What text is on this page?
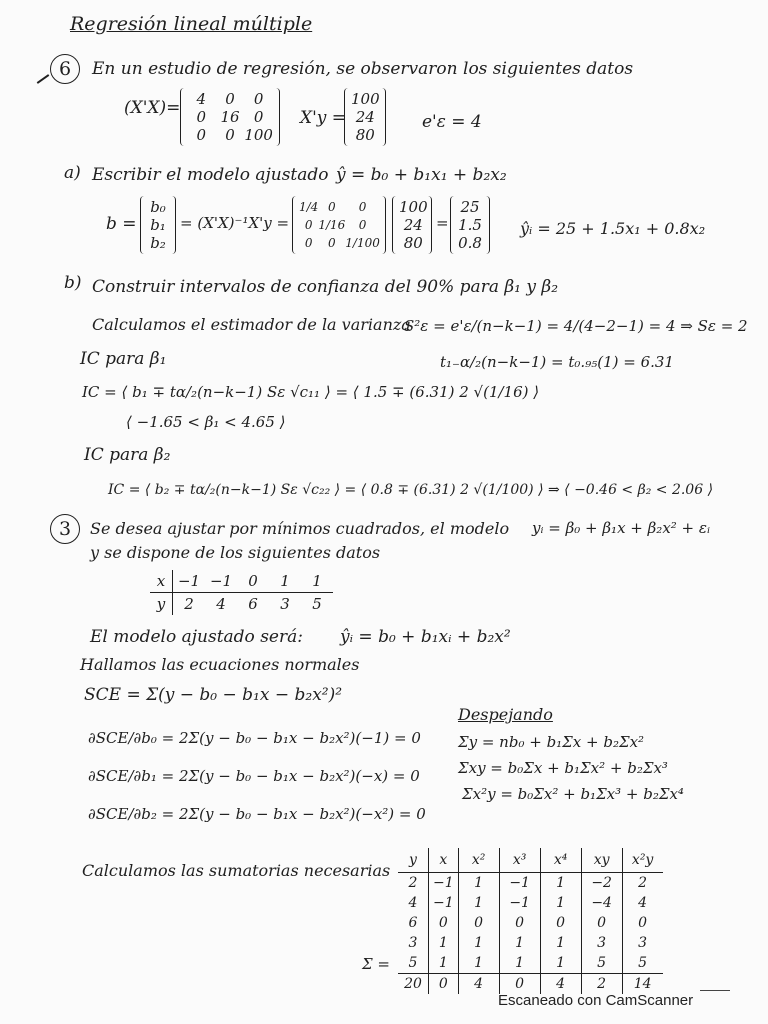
Regresión lineal múltiple
6	En un estudio de regresión, se observaron los siguientes datos
(X'X)= 4 0 0
0 16 0
0 0 100
X'y =
100
24
80
e'ε = 4
a) Escribir el modelo ajustado ŷ = b₀ + b₁x₁ + b₂x₂
b =
b₀
b₁
b₂
= (X'X)⁻¹X'y =
1/4 0 0
0 1/16 0
0 0 1/100
100
24
80
=
25
1.5
0.8
ŷᵢ = 25 + 1.5x₁ + 0.8x₂
b) Construir intervalos de confianza del 90% para β₁ y β₂
Calculamos el estimador de la varianza
S²ε = e'ε/(n−k−1) = 4/(4−2−1) = 4 ⇒ Sε = 2
IC para β₁	t₁₋α/₂(n−k−1) = t₀.₉₅(1) = 6.31
IC = ⟨ b₁ ∓ tα/₂(n−k−1) Sε √c₁₁ ⟩ = ⟨ 1.5 ∓ (6.31) 2 √(1/16) ⟩
⟨ −1.65 < β₁ < 4.65 ⟩
IC para β₂
IC = ⟨ b₂ ∓ tα/₂(n−k−1) Sε √c₂₂ ⟩ = ⟨ 0.8 ∓ (6.31) 2 √(1/100) ⟩ ⇒ ⟨ −0.46 < β₂ < 2.06 ⟩
3	Se desea ajustar por mínimos cuadrados, el modelo yᵢ = β₀ + β₁x + β₂x² + εᵢ
y se dispone de los siguientes datos
x	−1	−1	0	1	1
y	2	4	6	3	5
El modelo ajustado será: ŷᵢ = b₀ + b₁xᵢ + b₂x²
Hallamos las ecuaciones normales
SCE = Σ(y − b₀ − b₁x − b₂x²)²
∂SCE/∂b₀ = 2Σ(y − b₀ − b₁x − b₂x²)(−1) = 0
∂SCE/∂b₁ = 2Σ(y − b₀ − b₁x − b₂x²)(−x) = 0
∂SCE/∂b₂ = 2Σ(y − b₀ − b₁x − b₂x²)(−x²) = 0
Despejando
Σy = nb₀ + b₁Σx + b₂Σx²
Σxy = b₀Σx + b₁Σx² + b₂Σx³
Σx²y = b₀Σx² + b₁Σx³ + b₂Σx⁴
Calculamos las sumatorias necesarias
Σ =
y	x	x²	x³	x⁴	xy	x²y
2	−1	1	−1	1	−2	2
4	−1	1	−1	1	−4	4
6	0	0	0	0	0	0
3	1	1	1	1	3	3
5	1	1	1	1	5	5
20	0	4	0	4	2	14
Escaneado con CamScanner
